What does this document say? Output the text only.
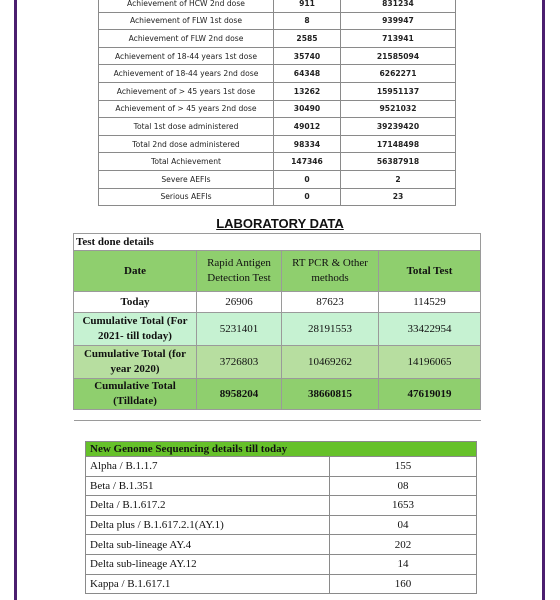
Achievement of HCW 2nd dose	911	831234
Achievement of FLW 1st dose	8	939947
Achievement of FLW 2nd dose	2585	713941
Achievement of 18-44 years 1st dose	35740	21585094
Achievement of 18-44 years 2nd dose	64348	6262271
Achievement of > 45 years 1st dose	13262	15951137
Achievement of > 45 years 2nd dose	30490	9521032
Total 1st dose administered	49012	39239420
Total 2nd dose administered	98334	17148498
Total Achievement	147346	56387918
Severe AEFIs	0	2
Serious AEFIs	0	23
LABORATORY DATA
Test done details			
Date	Rapid Antigen Detection Test	RT PCR & Other methods	Total Test
Today	26906	87623	114529
Cumulative Total (For 2021- till today)	5231401	28191553	33422954
Cumulative Total (for year 2020)	3726803	10469262	14196065
Cumulative Total (Tilldate)	8958204	38660815	47619019

New Genome Sequencing details till today	
Alpha / B.1.1.7	155
Beta / B.1.351	08
Delta / B.1.617.2	1653
Delta plus / B.1.617.2.1(AY.1)	04
Delta sub-lineage AY.4	202
Delta sub-lineage AY.12	14
Kappa / B.1.617.1	160
